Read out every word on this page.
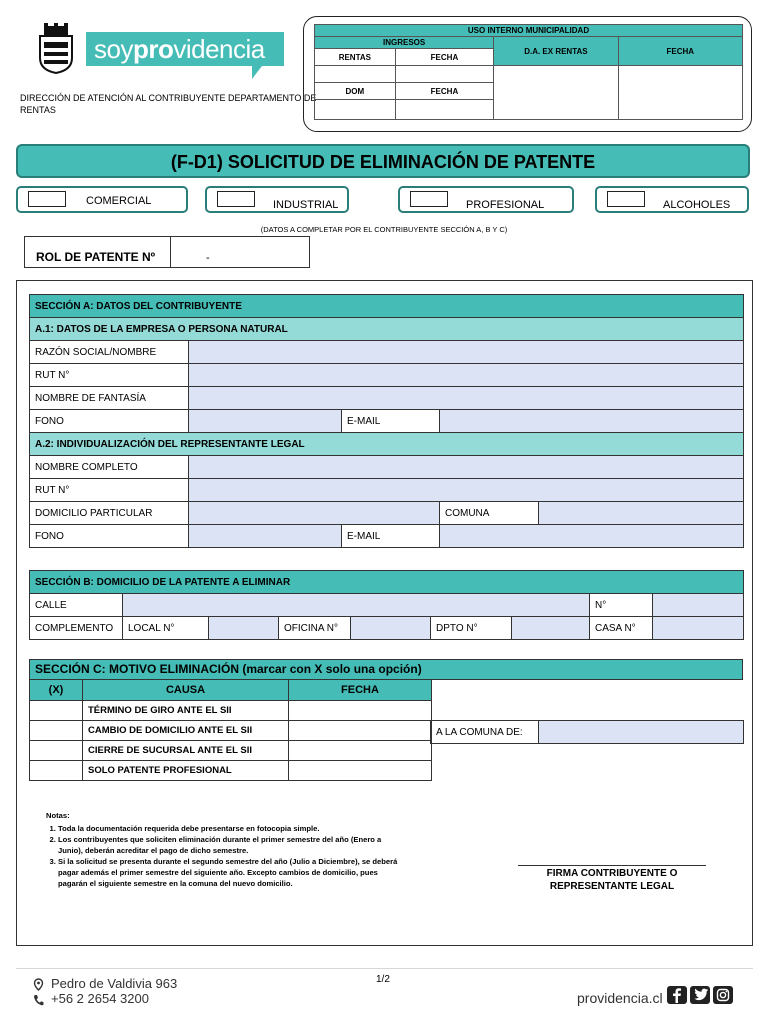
soyprovidencia
DIRECCIÓN DE ATENCIÓN AL CONTRIBUYENTE DEPARTAMENTO DE RENTAS
USO INTERNO MUNICIPALIDAD			
INGRESOS		D.A. EX RENTAS	FECHA
RENTAS	FECHA		

DOM	FECHA		

(F-D1) SOLICITUD DE ELIMINACIÓN DE PATENTE
COMERCIAL	INDUSTRIAL	PROFESIONAL	ALCOHOLES
(DATOS A COMPLETAR POR EL CONTRIBUYENTE SECCIÓN A, B Y C)
ROL DE PATENTE Nº	-
SECCIÓN A: DATOS DEL CONTRIBUYENTE				
A.1: DATOS DE LA EMPRESA O PERSONA NATURAL				
RAZÓN SOCIAL/NOMBRE				
RUT N°				
NOMBRE DE FANTASÍA				
FONO		E-MAIL		
A.2: INDIVIDUALIZACIÓN DEL REPRESENTANTE LEGAL				
NOMBRE COMPLETO				
RUT N°				
DOMICILIO PARTICULAR			COMUNA	
FONO		E-MAIL		
SECCIÓN B: DOMICILIO DE LA PATENTE A ELIMINAR								
CALLE							N°	
COMPLEMENTO	LOCAL N°		OFICINA N°		DPTO N°		CASA N°	
SECCIÓN C: MOTIVO ELIMINACIÓN (marcar con X solo una opción)
(X)	CAUSA	FECHA
	TÉRMINO DE GIRO ANTE EL SII	
	CAMBIO DE DOMICILIO ANTE EL SII	
	CIERRE DE SUCURSAL ANTE EL SII	
	SOLO PATENTE PROFESIONAL	
A LA COMUNA DE:	
Notas:
1. Toda la documentación requerida debe presentarse en fotocopia simple.
2. Los contribuyentes que soliciten eliminación durante el primer semestre del año (Enero a Junio), deberán acreditar el pago de dicho semestre.
3. Si la solicitud se presenta durante el segundo semestre del año (Julio a Diciembre), se deberá pagar además el primer semestre del siguiente año. Excepto cambios de domicilio, pues pagarán el siguiente semestre en la comuna del nuevo domicilio.
FIRMA CONTRIBUYENTE O
REPRESENTANTE LEGAL
Pedro de Valdivia 963
+56 2 2654 3200
1/2
providencia.cl
